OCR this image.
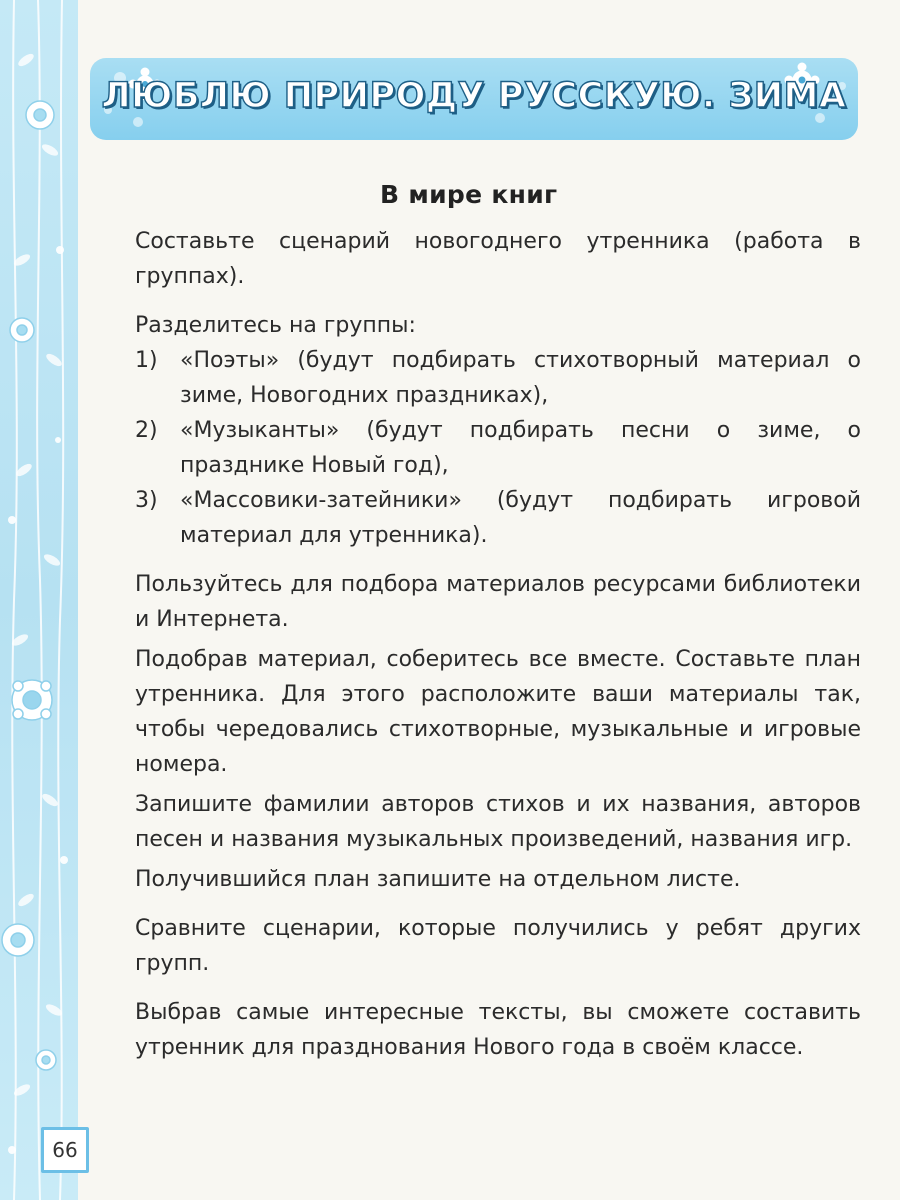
ЛЮБЛЮ ПРИРОДУ РУССКУЮ. ЗИМА
В мире книг

Составьте сценарий новогоднего утренника (работа в группах).

Разделитесь на группы:

1)	«Поэты» (будут подбирать стихотворный материал о зиме, Новогодних праздниках),
2)	«Музыканты» (будут подбирать песни о зиме, о празднике Новый год),
3)	«Массовики-затейники» (будут подбирать игровой материал для утренника).

Пользуйтесь для подбора материалов ресурсами библиотеки и Интернета.

Подобрав материал, соберитесь все вместе. Составьте план утренника. Для этого расположите ваши материалы так, чтобы чередовались стихотворные, музыкальные и игровые номера.

Запишите фамилии авторов стихов и их названия, авторов песен и названия музыкальных произведений, названия игр.

Получившийся план запишите на отдельном листе.

Сравните сценарии, которые получились у ребят других групп.

Выбрав самые интересные тексты, вы сможете составить утренник для празднования Нового года в своём классе.

66
